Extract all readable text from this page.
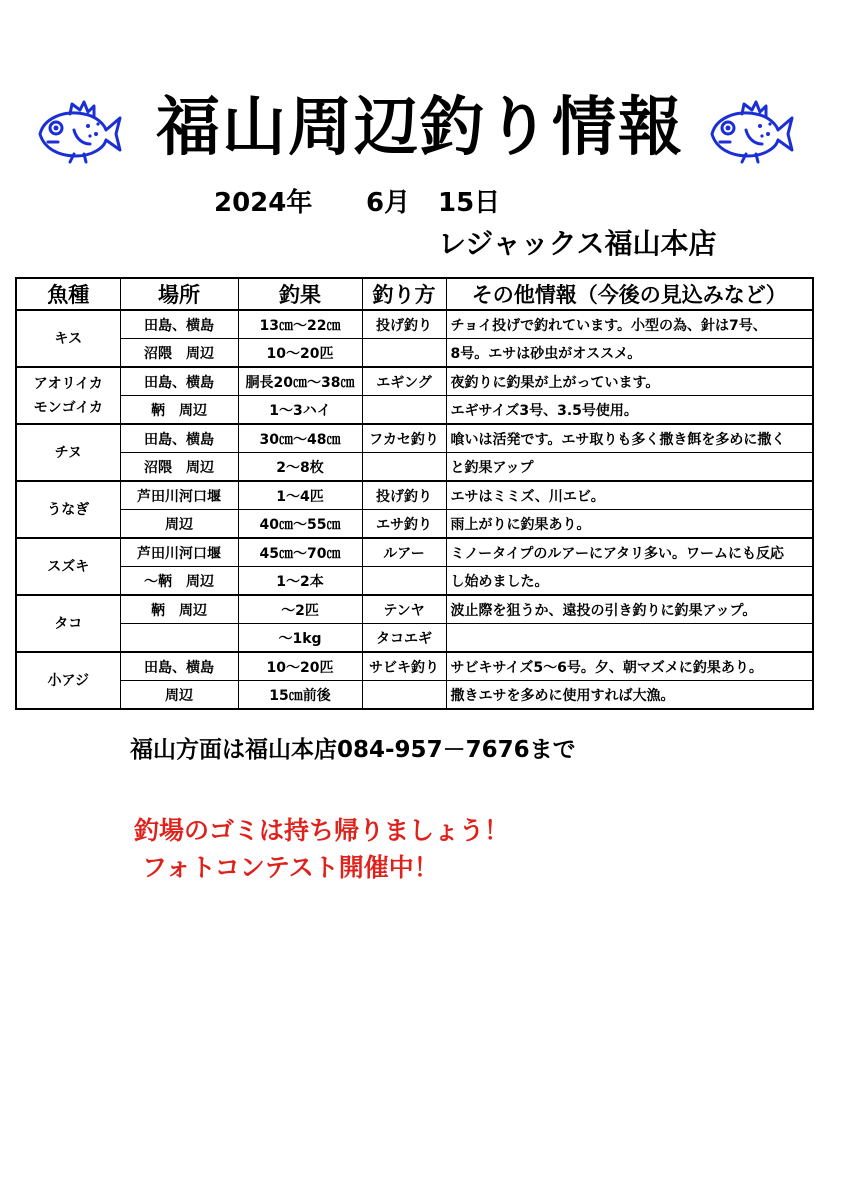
福山周辺釣り情報
2024年 6月 15日
レジャックス福山本店
魚種	場所	釣果	釣り方	その他情報（今後の見込みなど）
キス	田島、横島	13㎝～22㎝	投げ釣り	チョイ投げで釣れています。小型の為、針は7号、
	沼隈　周辺	10～20匹		8号。エサは砂虫がオススメ。
アオリイカ
モンゴイカ	田島、横島	胴長20㎝～38㎝	エギング	夜釣りに釣果が上がっています。
	鞆　周辺	1～3ハイ		エギサイズ3号、3.5号使用。
チヌ	田島、横島	30㎝～48㎝	フカセ釣り	喰いは活発です。エサ取りも多く撒き餌を多めに撒く
	沼隈　周辺	2～8枚		と釣果アップ
うなぎ	芦田川河口堰	1～4匹	投げ釣り	エサはミミズ、川エビ。
	周辺	40㎝～55㎝	エサ釣り	雨上がりに釣果あり。
スズキ	芦田川河口堰	45㎝～70㎝	ルアー	ミノータイプのルアーにアタリ多い。ワームにも反応
	～鞆　周辺	1～2本		し始めました。
タコ	鞆　周辺	～2匹	テンヤ	波止際を狙うか、遠投の引き釣りに釣果アップ。
		～1kg	タコエギ	
小アジ	田島、横島	10～20匹	サビキ釣り	サビキサイズ5～6号。夕、朝マズメに釣果あり。
	周辺	15㎝前後		撒きエサを多めに使用すれば大漁。
福山方面は福山本店084-957－7676まで
釣場のゴミは持ち帰りましょう！
フォトコンテスト開催中！
